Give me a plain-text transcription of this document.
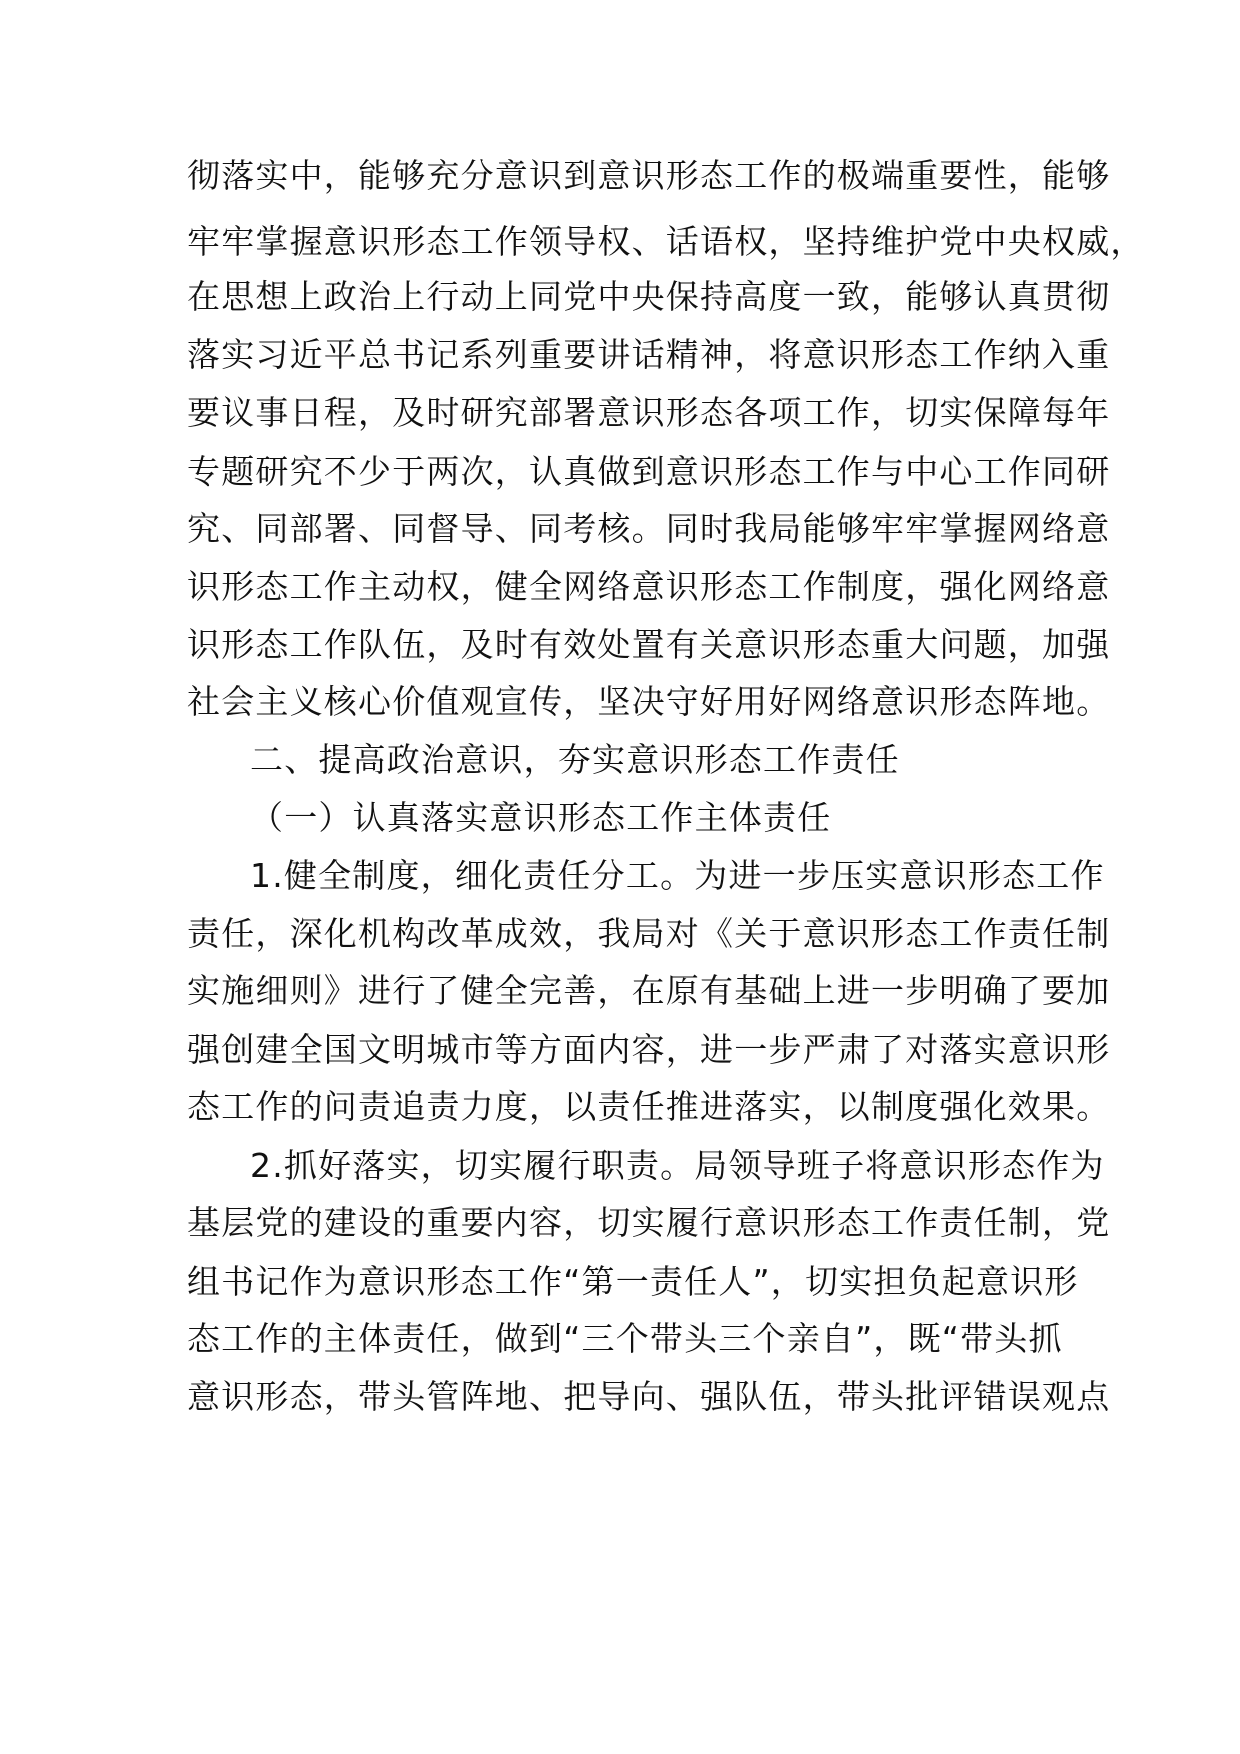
彻落实中，能够充分意识到意识形态工作的极端重要性，能够
牢牢掌握意识形态工作领导权、话语权，坚持维护党中央权威，
在思想上政治上行动上同党中央保持高度一致，能够认真贯彻
落实习近平总书记系列重要讲话精神，将意识形态工作纳入重
要议事日程，及时研究部署意识形态各项工作，切实保障每年
专题研究不少于两次，认真做到意识形态工作与中心工作同研
究、同部署、同督导、同考核。同时我局能够牢牢掌握网络意
识形态工作主动权，健全网络意识形态工作制度，强化网络意
识形态工作队伍，及时有效处置有关意识形态重大问题，加强
社会主义核心价值观宣传，坚决守好用好网络意识形态阵地。
二、提高政治意识，夯实意识形态工作责任
（一）认真落实意识形态工作主体责任
1.健全制度，细化责任分工。为进一步压实意识形态工作
责任，深化机构改革成效，我局对《关于意识形态工作责任制
实施细则》进行了健全完善，在原有基础上进一步明确了要加
强创建全国文明城市等方面内容，进一步严肃了对落实意识形
态工作的问责追责力度，以责任推进落实，以制度强化效果。
2.抓好落实，切实履行职责。局领导班子将意识形态作为
基层党的建设的重要内容，切实履行意识形态工作责任制，党
组书记作为意识形态工作“第一责任人”，切实担负起意识形
态工作的主体责任，做到“三个带头三个亲自”，既“带头抓
意识形态，带头管阵地、把导向、强队伍，带头批评错误观点
